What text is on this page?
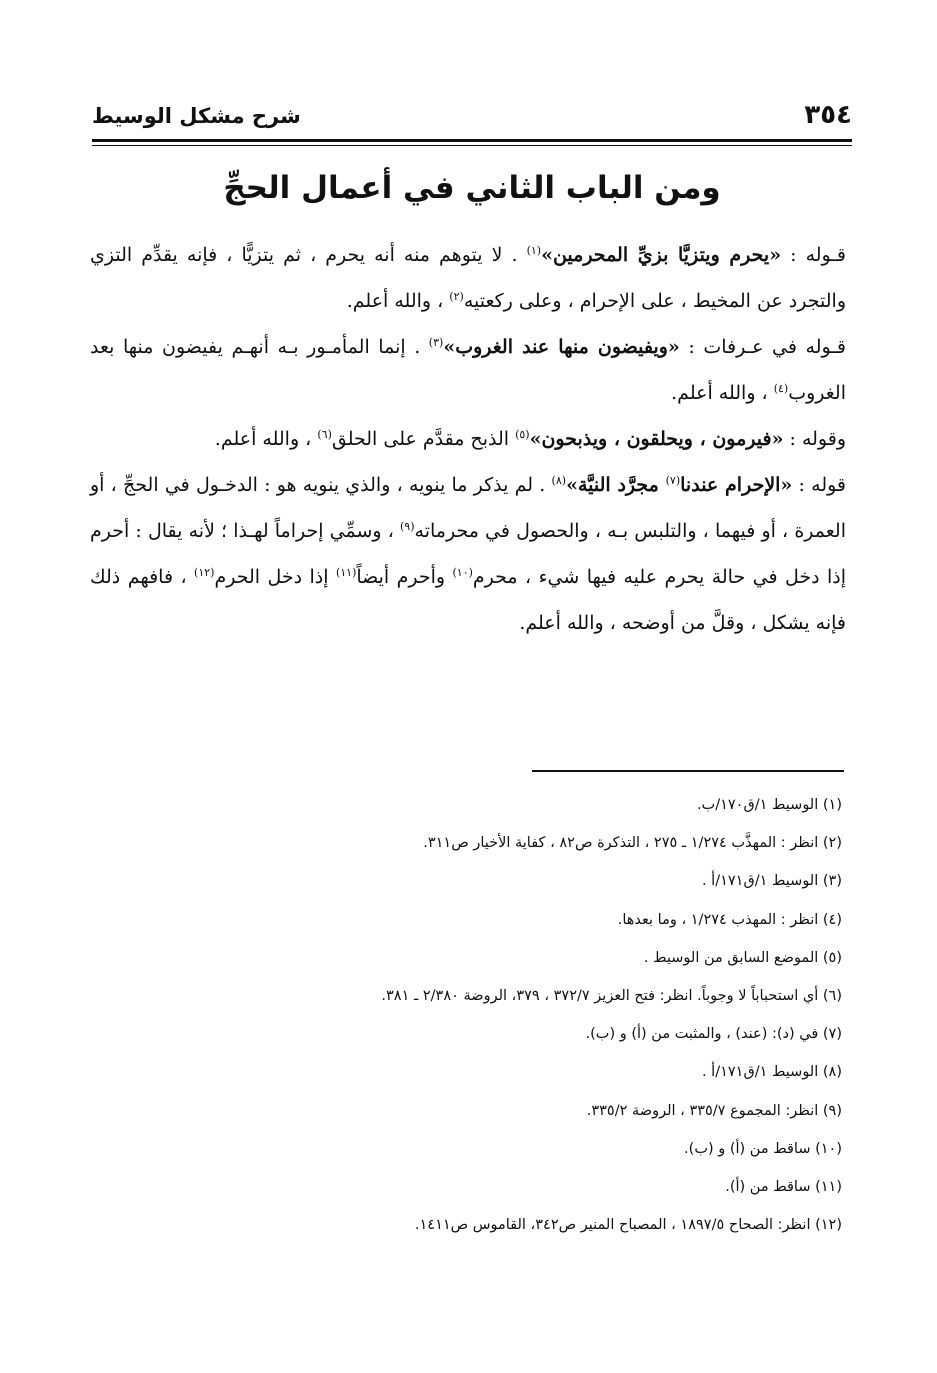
شرح مشكل الوسيط	٣٥٤
ومن الباب الثاني في أعمال الحجِّ

قـوله : «يحرم ويتزيَّا بزيِّ المحرمين»$^{(١)}$ . لا يتوهم منه أنه يحرم ، ثم يتزيًّا ، فإنه يقدِّم التزي والتجرد عن المخيط ، على الإحرام ، وعلى ركعتيه$^{(٢)}$ ، والله أعلم.

قـوله في عـرفات : «ويفيضون منها عند الغروب»$^{(٣)}$ . إنما المأمـور بـه أنهـم يفيضون منها بعد الغروب$^{(٤)}$ ، والله أعلم.

وقوله : «فيرمون ، ويحلقون ، ويذبحون»$^{(٥)}$ الذبح مقدَّم على الحلق$^{(٦)}$ ، والله أعلم.

قوله : «الإحرام عندنا$^{(٧)}$ مجرَّد النيَّة»$^{(٨)}$ . لم يذكر ما ينويه ، والذي ينويه هو : الدخـول في الحجِّ ، أو العمرة ، أو فيهما ، والتلبس بـه ، والحصول في محرماته$^{(٩)}$ ، وسمِّي إحراماً لهـذا ؛ لأنه يقال : أحرم إذا دخل في حالة يحرم عليه فيها شيء ، محرم$^{(١٠)}$ وأحرم أيضاً$^{(١١)}$ إذا دخل الحرم$^{(١٢)}$ ، فافهم ذلك فإنه يشكل ، وقلَّ من أوضحه ، والله أعلم.

(١) الوسيط ١/ق١٧٠/ب.
(٢) انظر : المهذَّب ١/٢٧٤ ـ ٢٧٥ ، التذكرة ص٨٢ ، كفاية الأخيار ص٣١١.
(٣) الوسيط ١/ق١٧١/أ .
(٤) انظر : المهذب ١/٢٧٤ ، وما بعدها.
(٥) الموضع السابق من الوسيط .
(٦) أي استحباباً لا وجوباً. انظر: فتح العزيز ٣٧٢/٧ ، ٣٧٩، الروضة ٢/٣٨٠ ـ ٣٨١.
(٧) في (د): (عند) ، والمثبت من (أ) و (ب).
(٨) الوسيط ١/ق١٧١/أ .
(٩) انظر: المجموع ٣٣٥/٧ ، الروضة ٣٣٥/٢.
(١٠) ساقط من (أ) و (ب).
(١١) ساقط من (أ).
(١٢) انظر: الصحاح ١٨٩٧/٥ ، المصباح المنير ص٣٤٢، القاموس ص١٤١١.
